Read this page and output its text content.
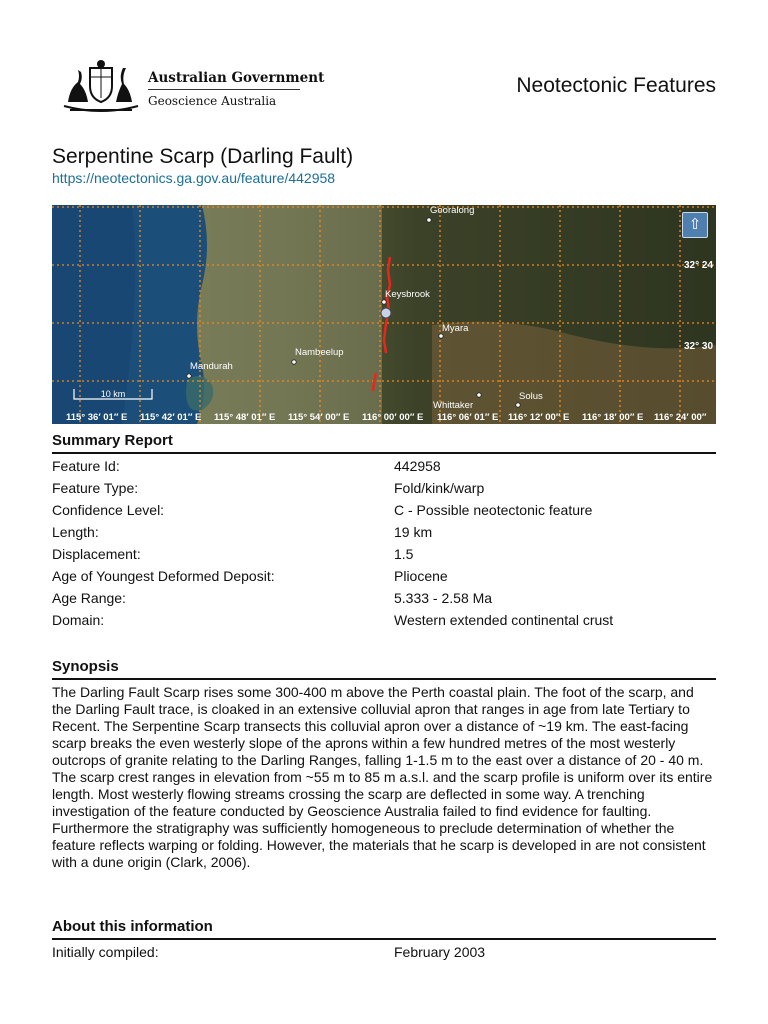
Australian Government
Geoscience Australia
Neotectonic Features
Serpentine Scarp (Darling Fault)
https://neotectonics.ga.gov.au/feature/442958
Gooralong
Keysbrook
Myara
Nambeelup
Mandurah
Whittaker
Solus
32° 24
32° 30
115° 36′ 01″ E 115° 42′ 01″ E 115° 48′ 01″ E 115° 54′ 00″ E 116° 00′ 00″ E 116° 06′ 01″ E 116° 12′ 00″ E 116° 18′ 00″ E 116° 24′ 00″
10 km
⇧
Summary Report
Feature Id:	442958
Feature Type:	Fold/kink/warp
Confidence Level:	C - Possible neotectonic feature
Length:	19 km
Displacement:	1.5
Age of Youngest Deformed Deposit:	Pliocene
Age Range:	5.333 - 2.58 Ma
Domain:	Western extended continental crust
Synopsis

The Darling Fault Scarp rises some 300-400 m above the Perth coastal plain. The foot of the scarp, and the Darling Fault trace, is cloaked in an extensive colluvial apron that ranges in age from late Tertiary to Recent. The Serpentine Scarp transects this colluvial apron over a distance of ~19 km. The east-facing scarp breaks the even westerly slope of the aprons within a few hundred metres of the most westerly outcrops of granite relating to the Darling Ranges, falling 1-1.5 m to the east over a distance of 20 - 40 m. The scarp crest ranges in elevation from ~55 m to 85 m a.s.l. and the scarp profile is uniform over its entire length. Most westerly flowing streams crossing the scarp are deflected in some way. A trenching investigation of the feature conducted by Geoscience Australia failed to find evidence for faulting. Furthermore the stratigraphy was sufficiently homogeneous to preclude determination of whether the feature reflects warping or folding. However, the materials that he scarp is developed in are not consistent with a dune origin (Clark, 2006).

About this information
Initially compiled:	February 2003
